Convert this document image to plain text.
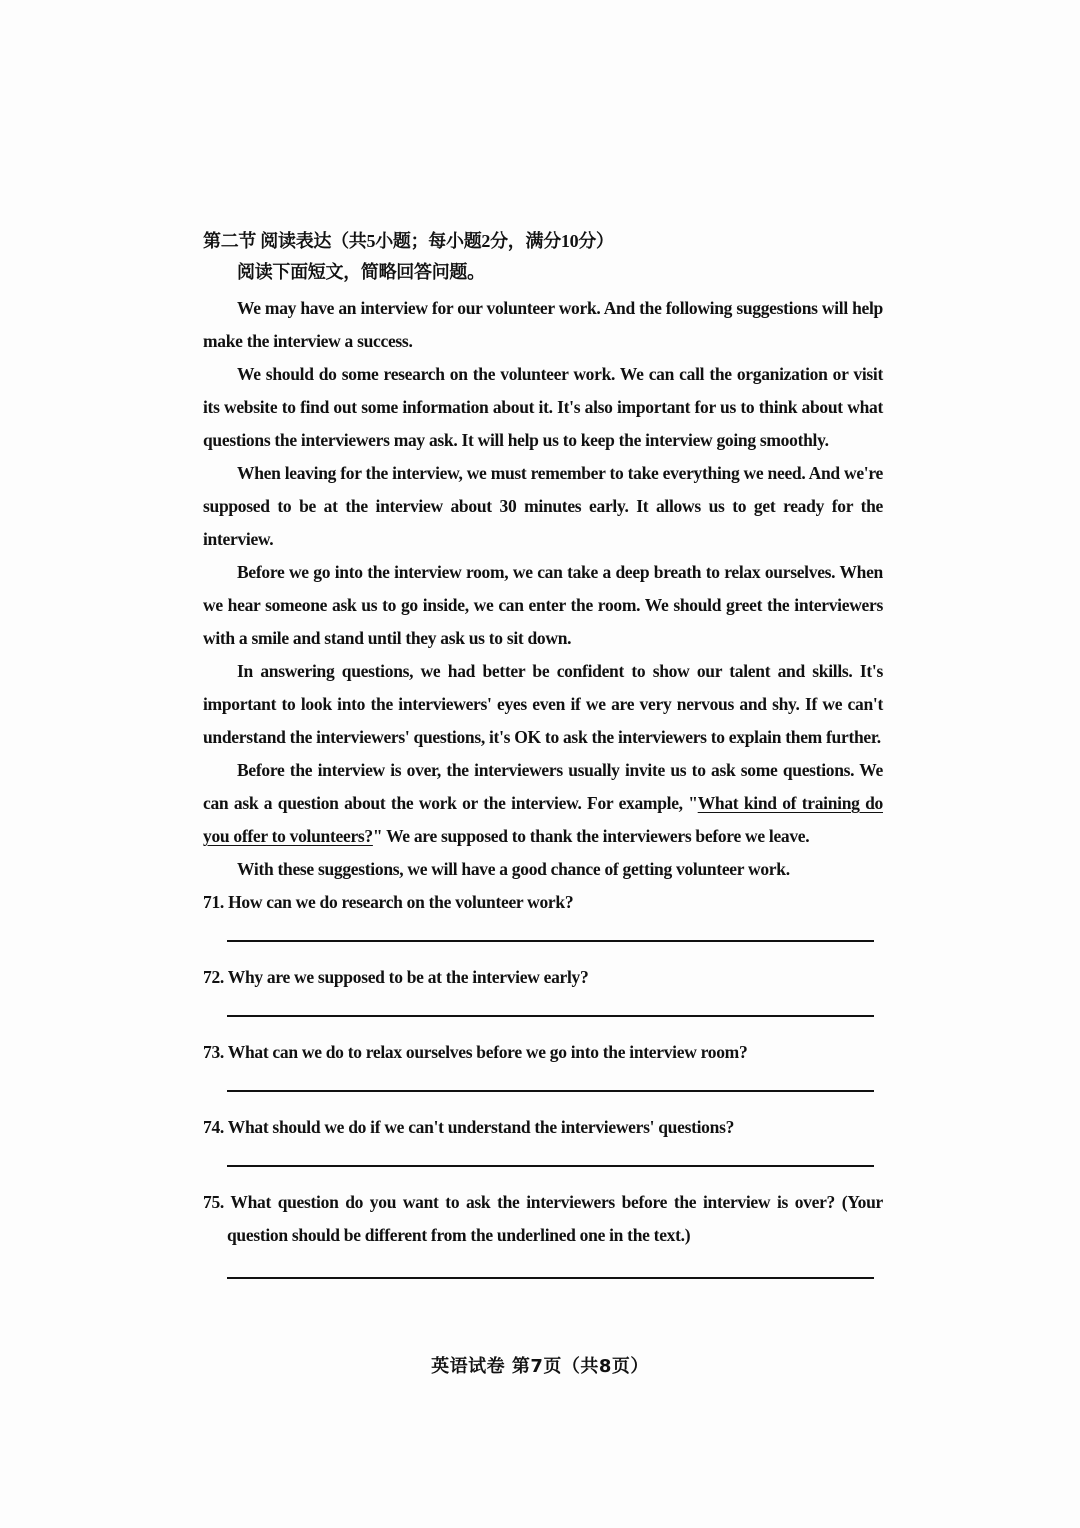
第二节 阅读表达（共5小题；每小题2分，满分10分）
阅读下面短文，简略回答问题。

We may have an interview for our volunteer work. And the following suggestions will help make the interview a success.

We should do some research on the volunteer work. We can call the organization or visit its website to find out some information about it. It's also important for us to think about what questions the interviewers may ask. It will help us to keep the interview going smoothly.

When leaving for the interview, we must remember to take everything we need. And we're supposed to be at the interview about 30 minutes early. It allows us to get ready for the interview.

Before we go into the interview room, we can take a deep breath to relax ourselves. When we hear someone ask us to go inside, we can enter the room. We should greet the interviewers with a smile and stand until they ask us to sit down.

In answering questions, we had better be confident to show our talent and skills. It's important to look into the interviewers' eyes even if we are very nervous and shy. If we can't understand the interviewers' questions, it's OK to ask the interviewers to explain them further.

Before the interview is over, the interviewers usually invite us to ask some questions. We can ask a question about the work or the interview. For example, "What kind of training do you offer to volunteers?" We are supposed to thank the interviewers before we leave.

With these suggestions, we will have a good chance of getting volunteer work.

71. How can we do research on the volunteer work?

72. Why are we supposed to be at the interview early?

73. What can we do to relax ourselves before we go into the interview room?

74. What should we do if we can't understand the interviewers' questions?

75. What question do you want to ask the interviewers before the interview is over? (Your question should be different from the underlined one in the text.)

英语试卷 第7页（共8页）
